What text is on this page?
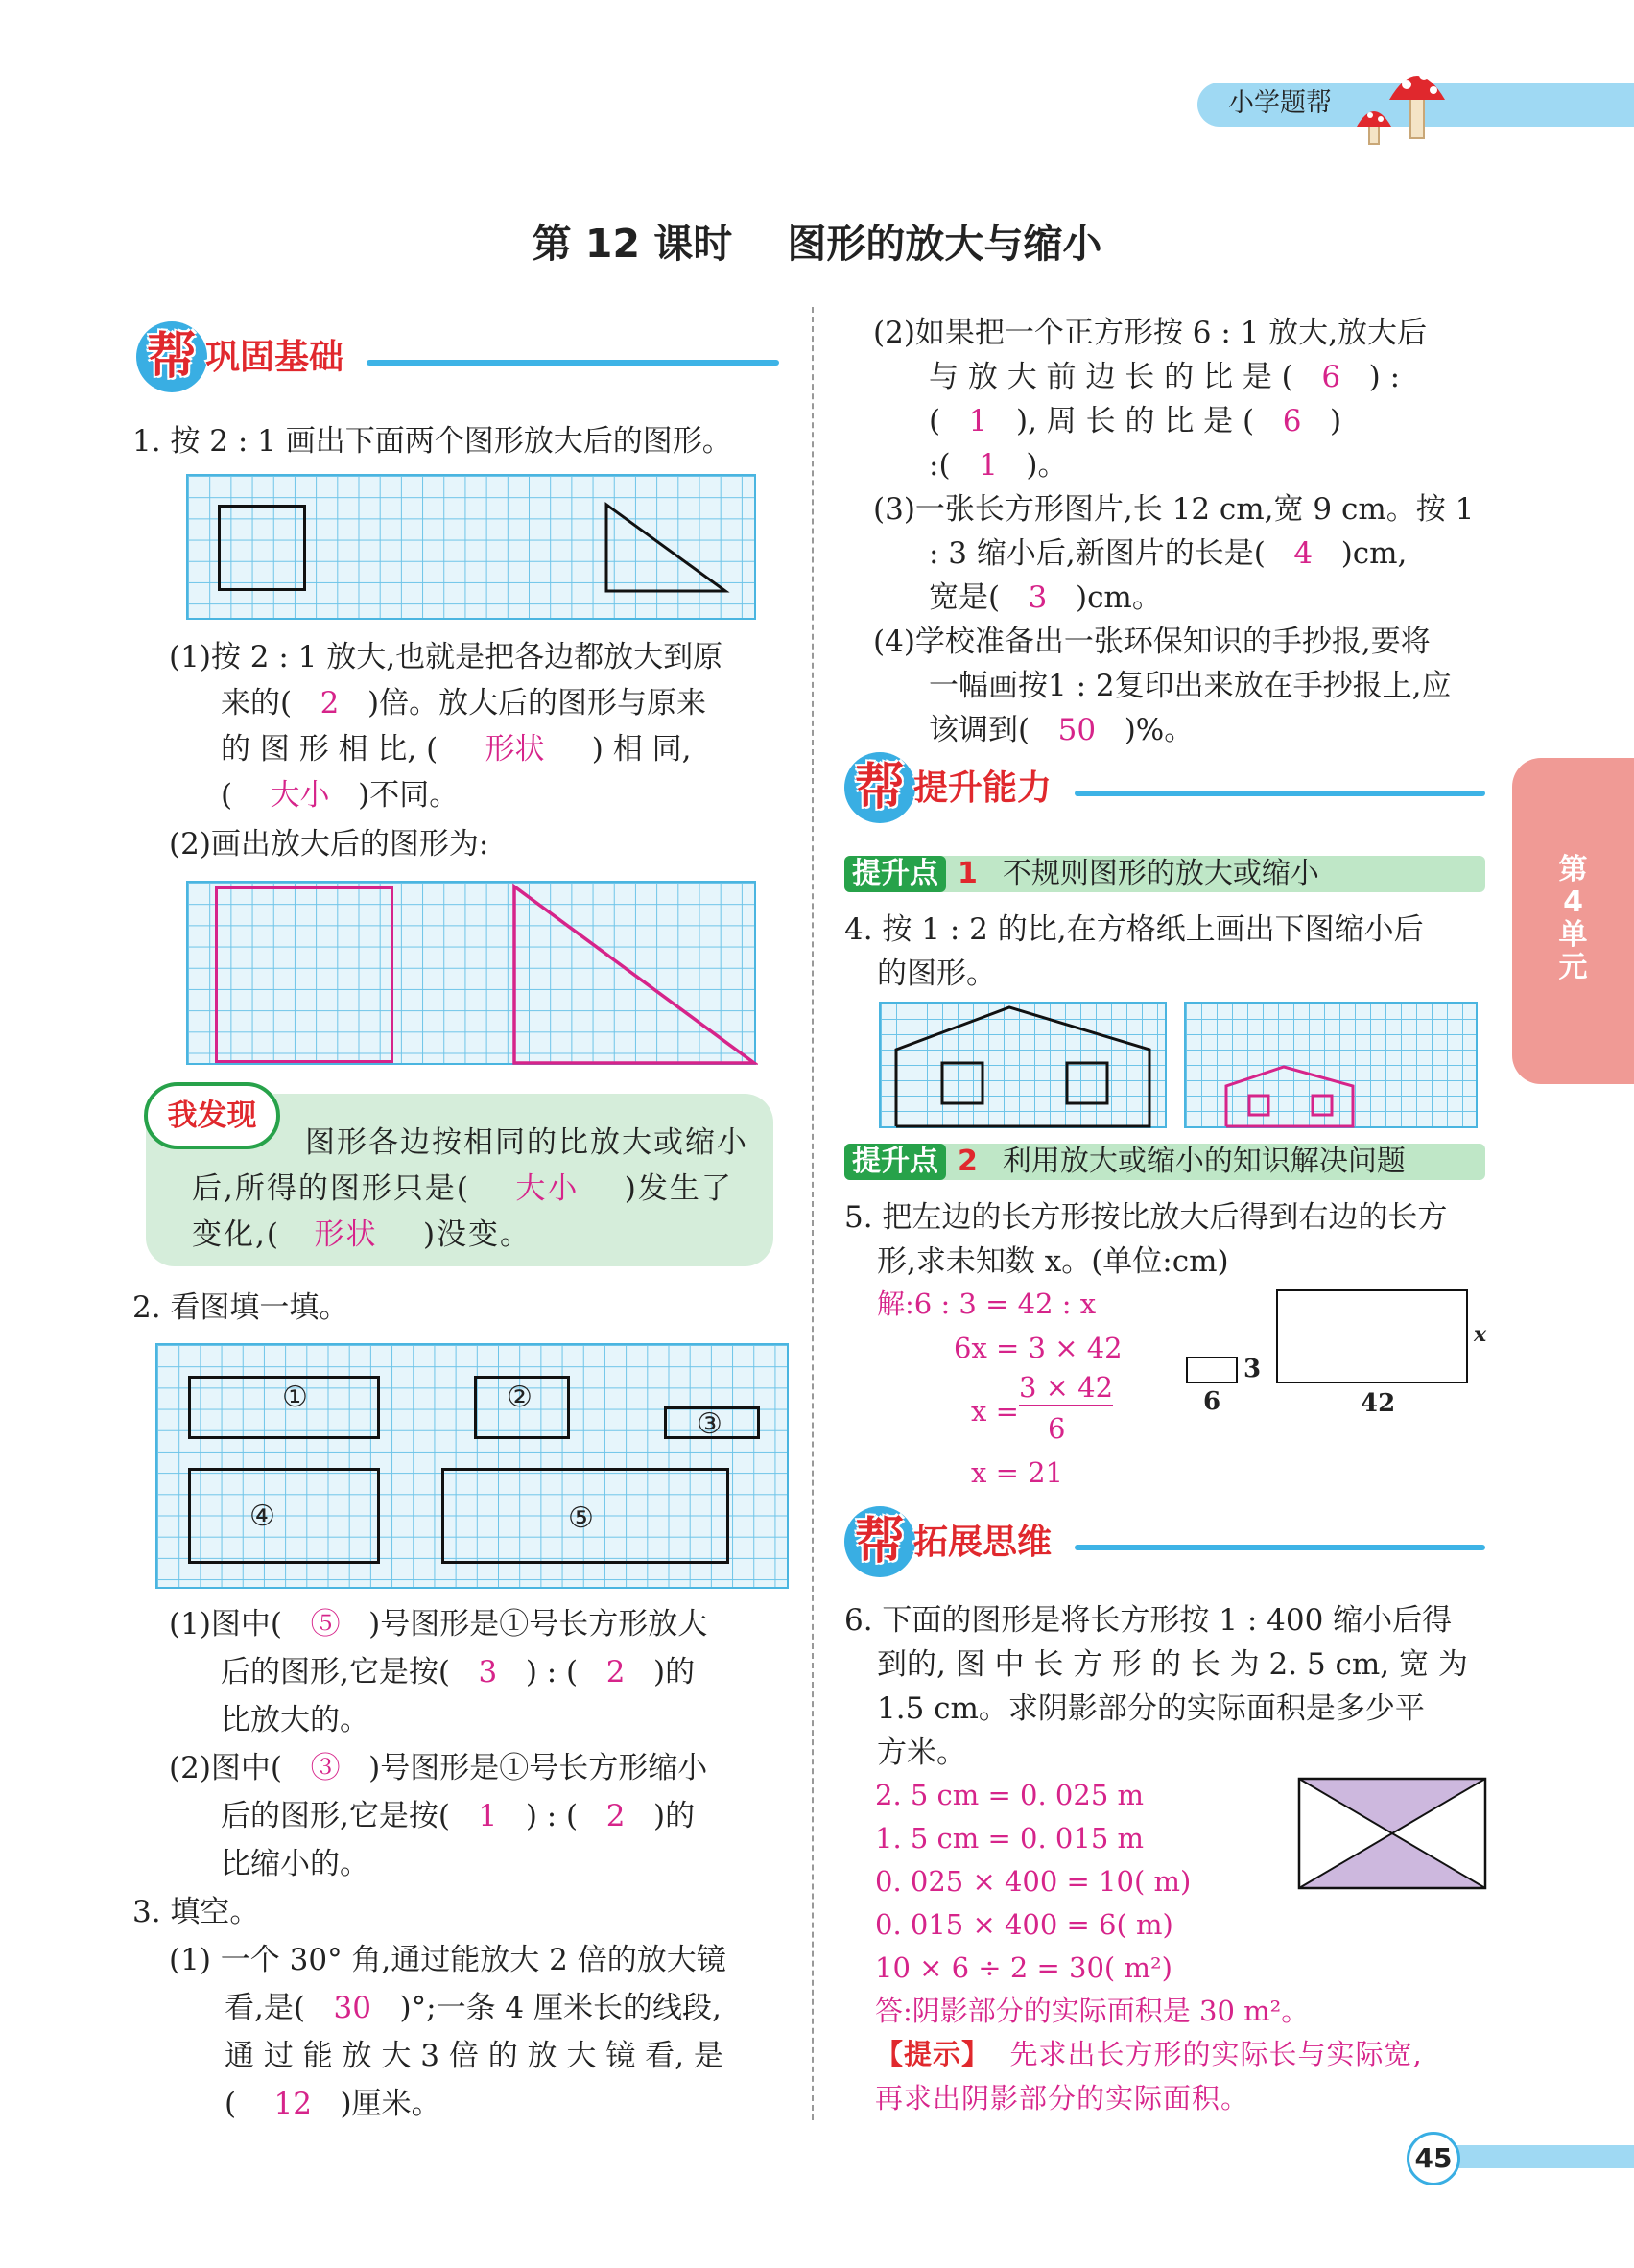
小学题帮
第 12 课时    图形的放大与缩小
帮 巩固基础
1. 按 2 : 1 画出下面两个图形放大后的图形。
(1)按 2 : 1 放大,也就是把各边都放大到原
来的( 2 )倍。放大后的图形与原来
的 图 形 相 比, ( 形状 ) 相 同,
( 大小 )不同。
(2)画出放大后的图形为:
我发现
图形各边按相同的比放大或缩小
后,所得的图形只是( 大小 )发生了
变化,( 形状 )没变。
2. 看图填一填。
①	②
③
④	⑤
(1)图中( ⑤ )号图形是①号长方形放大
后的图形,它是按( 3 ) : ( 2 )的
比放大的。
(2)图中( ③ )号图形是①号长方形缩小
后的图形,它是按( 1 ) : ( 2 )的
比缩小的。
3. 填空。
(1) 一个 30° 角,通过能放大 2 倍的放大镜
看,是( 30 )°;一条 4 厘米长的线段,
通 过 能 放 大 3 倍 的 放 大 镜 看, 是
( 12 )厘米。
(2)如果把一个正方形按 6 : 1 放大,放大后
与 放 大 前 边 长 的 比 是 ( 6 ) :
( 1 ), 周 长 的 比 是 ( 6 )
:( 1 )。
(3)一张长方形图片,长 12 cm,宽 9 cm。按 1
: 3 缩小后,新图片的长是( 4 )cm,
宽是( 3 )cm。
(4)学校准备出一张环保知识的手抄报,要将
一幅画按1 : 2复印出来放在手抄报上,应
该调到( 50 )%。
帮 提升能力
提升点 1 不规则图形的放大或缩小
4. 按 1 : 2 的比,在方格纸上画出下图缩小后
的图形。
提升点 2 利用放大或缩小的知识解决问题
5. 把左边的长方形按比放大后得到右边的长方
形,求未知数 x。(单位:cm)
解:6 : 3 = 42 : x
6x = 3 × 42
x =
3 × 42
6
x = 21
6
3
42
x
帮 拓展思维
6. 下面的图形是将长方形按 1 : 400 缩小后得
到的, 图 中 长 方 形 的 长 为 2. 5 cm, 宽 为
1.5 cm。求阴影部分的实际面积是多少平
方米。
2. 5 cm = 0. 025 m
1. 5 cm = 0. 015 m
0. 025 × 400 = 10( m)
0. 015 × 400 = 6( m)
10 × 6 ÷ 2 = 30( m²)
答:阴影部分的实际面积是 30 m²。
【提示】 先求出长方形的实际长与实际宽,
再求出阴影部分的实际面积。
第
4
单
元
45
